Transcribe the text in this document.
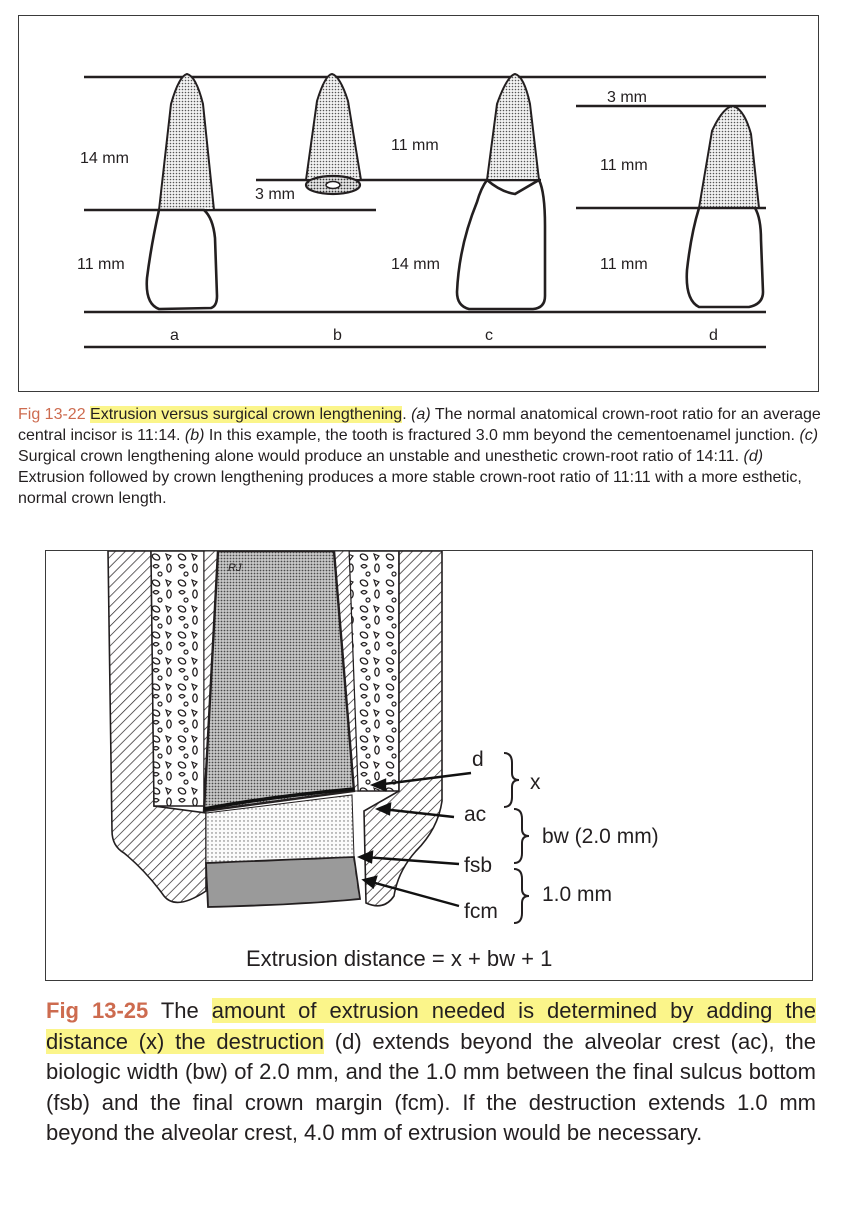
14 mm
11 mm
11 mm
3 mm
14 mm
3 mm
11 mm
11 mm
a	b	c	d
Fig 13-22 Extrusion versus surgical crown lengthening. (a) The normal anatomical crown-root ratio for an average central incisor is 11:14. (b) In this example, the tooth is fractured 3.0 mm beyond the cementoenamel junction. (c) Surgical crown lengthening alone would produce an unstable and unesthetic crown-root ratio of 14:11. (d) Extrusion followed by crown lengthening produces a more stable crown-root ratio of 11:11 with a more esthetic, normal crown length.
RJ
d
x
ac
bw (2.0 mm)
fsb
1.0 mm
fcm
Extrusion distance = x + bw + 1
Fig 13-25 The amount of extrusion needed is determined by adding the distance (x) the destruction (d) extends beyond the alveolar crest (ac), the biologic width (bw) of 2.0 mm, and the 1.0 mm between the final sulcus bottom (fsb) and the final crown margin (fcm). If the destruction extends 1.0 mm beyond the alveolar crest, 4.0 mm of extrusion would be necessary.
